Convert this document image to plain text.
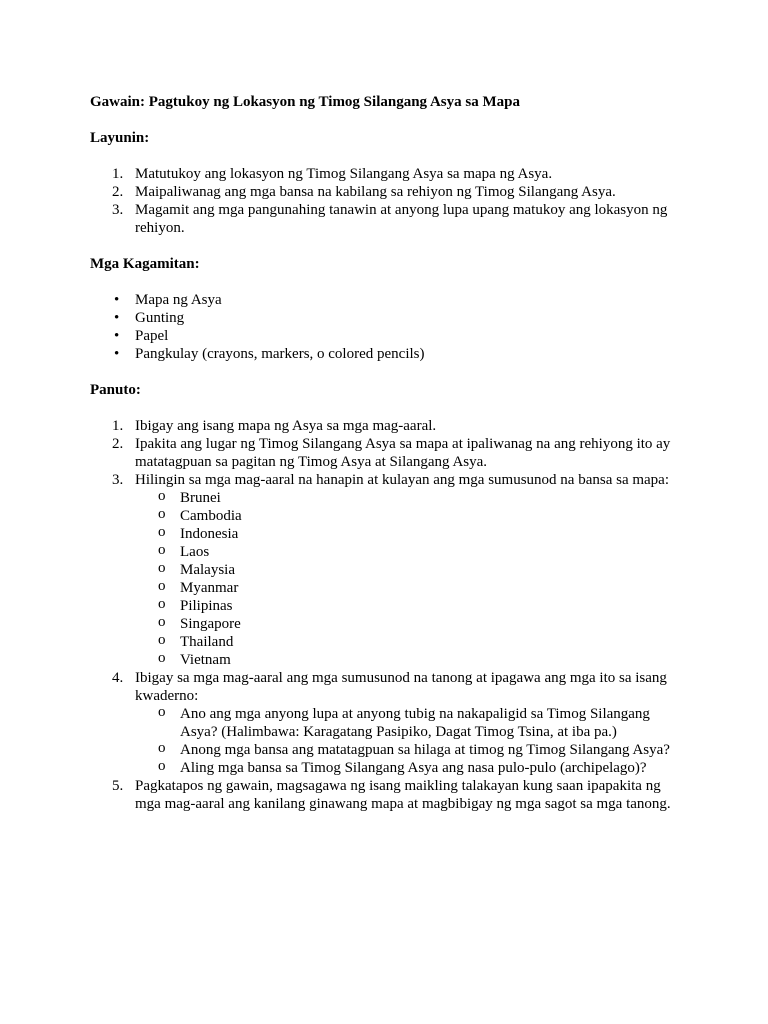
Gawain: Pagtukoy ng Lokasyon ng Timog Silangang Asya sa Mapa

Layunin:

1. Matutukoy ang lokasyon ng Timog Silangang Asya sa mapa ng Asya.
2. Maipaliwanag ang mga bansa na kabilang sa rehiyon ng Timog Silangang Asya.
3. Magamit ang mga pangunahing tanawin at anyong lupa upang matukoy ang lokasyon ng rehiyon.

Mga Kagamitan:

• Mapa ng Asya
• Gunting
• Papel
• Pangkulay (crayons, markers, o colored pencils)

Panuto:

1. Ibigay ang isang mapa ng Asya sa mga mag-aaral.
2. Ipakita ang lugar ng Timog Silangang Asya sa mapa at ipaliwanag na ang rehiyong ito ay matatagpuan sa pagitan ng Timog Asya at Silangang Asya.
3. Hilingin sa mga mag-aaral na hanapin at kulayan ang mga sumusunod na bansa sa mapa:
o Brunei
o Cambodia
o Indonesia
o Laos
o Malaysia
o Myanmar
o Pilipinas
o Singapore
o Thailand
o Vietnam
4. Ibigay sa mga mag-aaral ang mga sumusunod na tanong at ipagawa ang mga ito sa isang kwaderno:
o Ano ang mga anyong lupa at anyong tubig na nakapaligid sa Timog Silangang Asya? (Halimbawa: Karagatang Pasipiko, Dagat Timog Tsina, at iba pa.)
o Anong mga bansa ang matatagpuan sa hilaga at timog ng Timog Silangang Asya?
o Aling mga bansa sa Timog Silangang Asya ang nasa pulo-pulo (archipelago)?
5. Pagkatapos ng gawain, magsagawa ng isang maikling talakayan kung saan ipapakita ng mga mag-aaral ang kanilang ginawang mapa at magbibigay ng mga sagot sa mga tanong.
